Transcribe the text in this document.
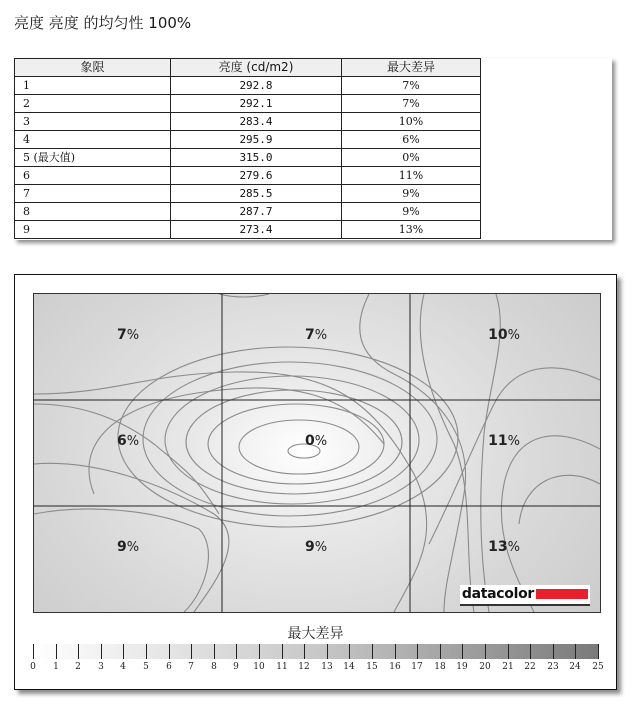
亮度 亮度 的均匀性 100%
象限	亮度 (cd/m2)	最大差异
1	292.8	7%
2	292.1	7%
3	283.4	10%
4	295.9	6%
5 (最大值)	315.0	0%
6	279.6	11%
7	285.5	9%
8	287.7	9%
9	273.4	13%
7%	7%	10%
6%	0%	11%
9%	9%	13%
datacolor
最大差异
0 1 2 3 4 5 6 7 8 9 10 11 12 13 14 15 16 17 18 19 20 21 22 23 24 25
